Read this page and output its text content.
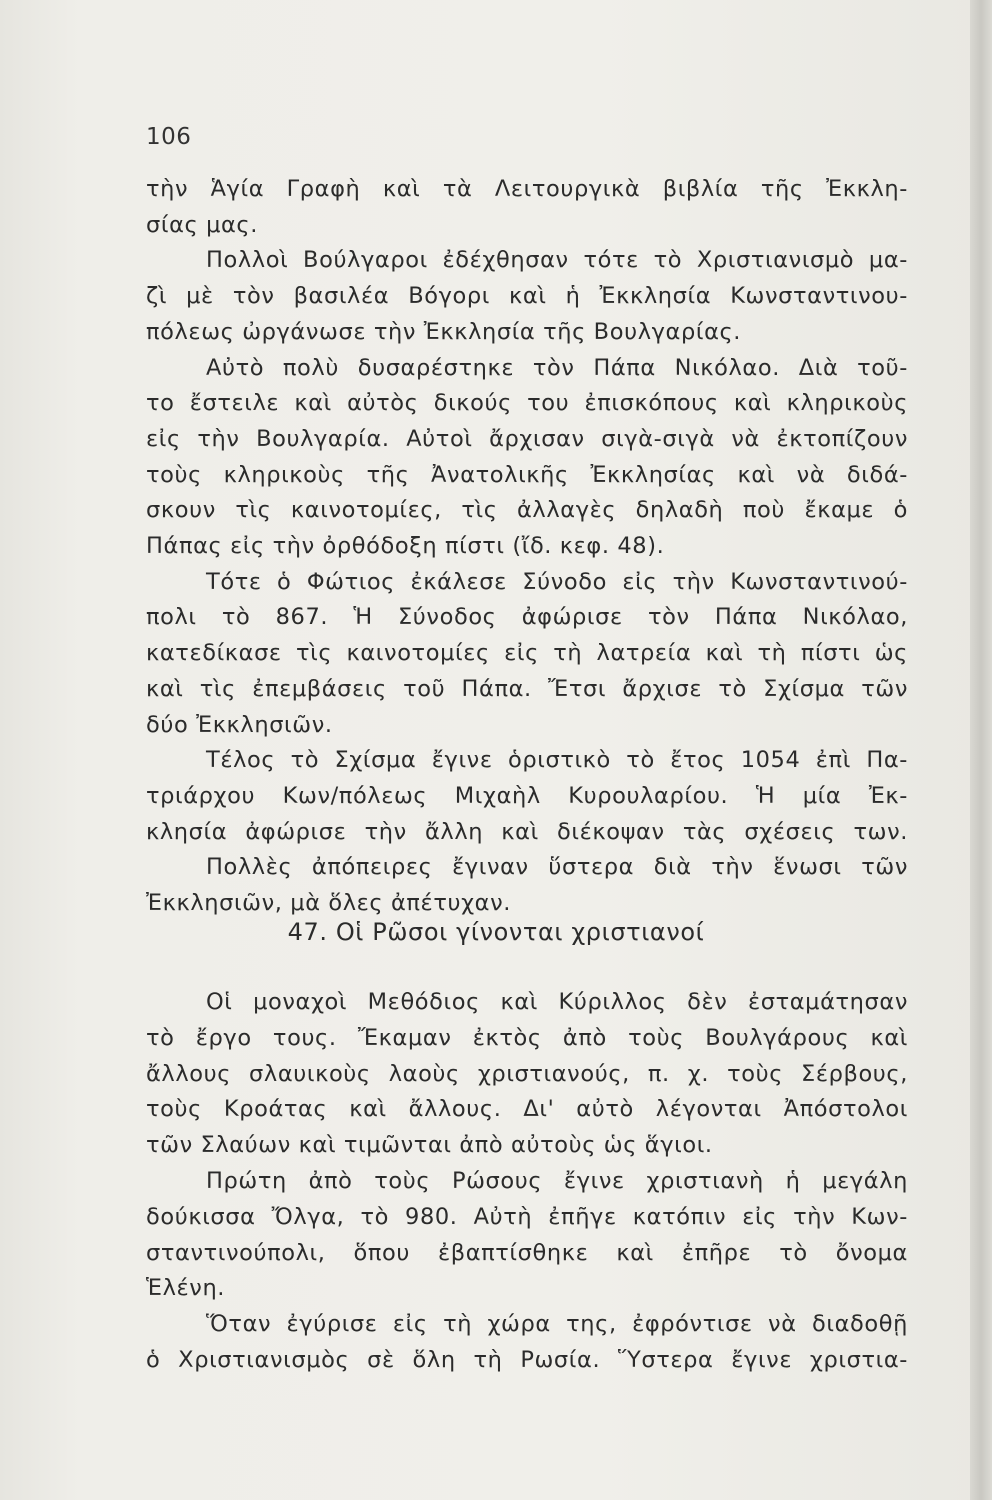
106
τὴν Ἁγία Γραφὴ καὶ τὰ Λειτουργικὰ βιβλία τῆς Ἐκκλη-
σίας μας.
Πολλοὶ Βούλγαροι ἐδέχθησαν τότε τὸ Χριστιανισμὸ μα-
ζὶ μὲ τὸν βασιλέα Βόγορι καὶ ἡ Ἐκκλησία Κωνσταντινου-
πόλεως ὠργάνωσε τὴν Ἐκκλησία τῆς Βουλγαρίας.
Αὐτὸ πολὺ δυσαρέστηκε τὸν Πάπα Νικόλαο. Διὰ τοῦ-
το ἔστειλε καὶ αὐτὸς δικούς του ἐπισκόπους καὶ κληρικοὺς
εἰς τὴν Βουλγαρία. Αὐτοὶ ἄρχισαν σιγὰ-σιγὰ νὰ ἐκτοπίζουν
τοὺς κληρικοὺς τῆς Ἀνατολικῆς Ἐκκλησίας καὶ νὰ διδά-
σκουν τὶς καινοτομίες, τὶς ἀλλαγὲς δηλαδὴ ποὺ ἔκαμε ὁ
Πάπας εἰς τὴν ὀρθόδοξη πίστι (ἴδ. κεφ. 48).
Τότε ὁ Φώτιος ἐκάλεσε Σύνοδο εἰς τὴν Κωνσταντινού-
πολι τὸ 867. Ἡ Σύνοδος ἀφώρισε τὸν Πάπα Νικόλαο,
κατεδίκασε τὶς καινοτομίες εἰς τὴ λατρεία καὶ τὴ πίστι ὡς
καὶ τὶς ἐπεμβάσεις τοῦ Πάπα. Ἔτσι ἄρχισε τὸ Σχίσμα τῶν
δύο Ἐκκλησιῶν.
Τέλος τὸ Σχίσμα ἔγινε ὁριστικὸ τὸ ἔτος 1054 ἐπὶ Πα-
τριάρχου Κων/πόλεως Μιχαὴλ Κυρουλαρίου. Ἡ μία Ἐκ-
κλησία ἀφώρισε τὴν ἄλλη καὶ διέκοψαν τὰς σχέσεις των.
Πολλὲς ἀπόπειρες ἔγιναν ὕστερα διὰ τὴν ἕνωσι τῶν
Ἐκκλησιῶν, μὰ ὅλες ἀπέτυχαν.
47. Οἱ Ρῶσοι γίνονται χριστιανοί
Οἱ μοναχοὶ Μεθόδιος καὶ Κύριλλος δὲν ἐσταμάτησαν
τὸ ἔργο τους. Ἔκαμαν ἐκτὸς ἀπὸ τοὺς Βουλγάρους καὶ
ἄλλους σλαυικοὺς λαοὺς χριστιανούς, π. χ. τοὺς Σέρβους,
τοὺς Κροάτας καὶ ἄλλους. Δι' αὐτὸ λέγονται Ἀπόστολοι
τῶν Σλαύων καὶ τιμῶνται ἀπὸ αὐτοὺς ὡς ἅγιοι.
Πρώτη ἀπὸ τοὺς Ρώσους ἔγινε χριστιανὴ ἡ μεγάλη
δούκισσα Ὄλγα, τὸ 980. Αὐτὴ ἐπῆγε κατόπιν εἰς τὴν Κων-
σταντινούπολι, ὅπου ἐβαπτίσθηκε καὶ ἐπῆρε τὸ ὄνομα
Ἑλένη.
Ὅταν ἐγύρισε εἰς τὴ χώρα της, ἐφρόντισε νὰ διαδοθῇ
ὁ Χριστιανισμὸς σὲ ὅλη τὴ Ρωσία. Ὕστερα ἔγινε χριστια-
